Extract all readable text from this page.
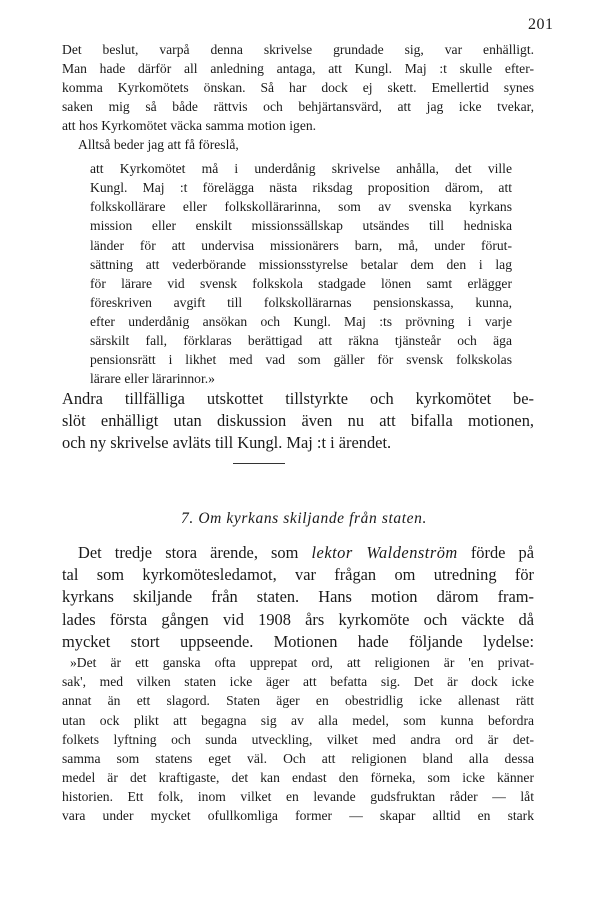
201
Det beslut, varpå denna skrivelse grundade sig, var enhälligt.
Man hade därför all anledning antaga, att Kungl. Maj :t skulle efter-
komma Kyrkomötets önskan. Så har dock ej skett. Emellertid synes
saken mig så både rättvis och behjärtansvärd, att jag icke tvekar,
att hos Kyrkomötet väcka samma motion igen.
Alltså beder jag att få föreslå,
att Kyrkomötet må i underdånig skrivelse anhålla, det ville
Kungl. Maj :t förelägga nästa riksdag proposition därom, att
folkskollärare eller folkskollärarinna, som av svenska kyrkans
mission eller enskilt missionssällskap utsändes till hedniska
länder för att undervisa missionärers barn, må, under förut-
sättning att vederbörande missionsstyrelse betalar dem den i lag
för lärare vid svensk folkskola stadgade lönen samt erlägger
föreskriven avgift till folkskollärarnas pensionskassa, kunna,
efter underdånig ansökan och Kungl. Maj :ts prövning i varje
särskilt fall, förklaras berättigad att räkna tjänsteår och äga
pensionsrätt i likhet med vad som gäller för svensk folkskolas
lärare eller lärarinnor.»
Andra tillfälliga utskottet tillstyrkte och kyrkomötet be-
slöt enhälligt utan diskussion även nu att bifalla motionen,
och ny skrivelse avläts till Kungl. Maj :t i ärendet.
7. Om kyrkans skiljande från staten.
Det tredje stora ärende, som lektor Waldenström förde på
tal som kyrkomötesledamot, var frågan om utredning för
kyrkans skiljande från staten. Hans motion därom fram-
lades första gången vid 1908 års kyrkomöte och väckte då
mycket stort uppseende. Motionen hade följande lydelse:
»Det är ett ganska ofta upprepat ord, att religionen är 'en privat-
sak', med vilken staten icke äger att befatta sig. Det är dock icke
annat än ett slagord. Staten äger en obestridlig icke allenast rätt
utan ock plikt att begagna sig av alla medel, som kunna befordra
folkets lyftning och sunda utveckling, vilket med andra ord är det-
samma som statens eget väl. Och att religionen bland alla dessa
medel är det kraftigaste, det kan endast den förneka, som icke känner
historien. Ett folk, inom vilket en levande gudsfruktan råder — låt
vara under mycket ofullkomliga former — skapar alltid en stark
